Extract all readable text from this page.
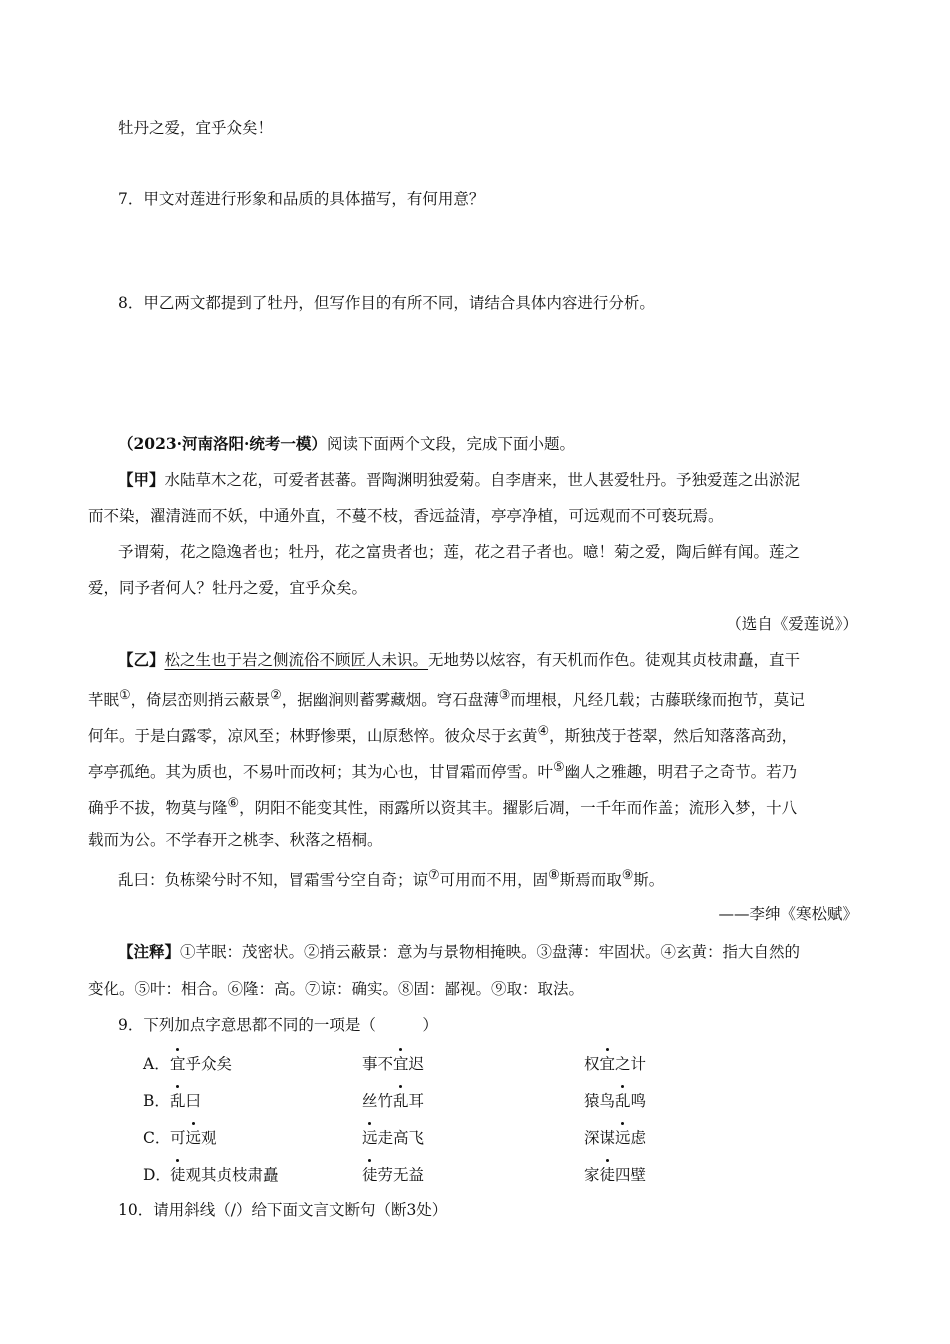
牡丹之爱，宜乎众矣！
7．甲文对莲进行形象和品质的具体描写，有何用意？
8．甲乙两文都提到了牡丹，但写作目的有所不同，请结合具体内容进行分析。
（2023·河南洛阳·统考一模）阅读下面两个文段，完成下面小题。
【甲】水陆草木之花，可爱者甚蕃。晋陶渊明独爱菊。自李唐来，世人甚爱牡丹。予独爱莲之出淤泥
而不染，濯清涟而不妖，中通外直，不蔓不枝，香远益清，亭亭净植，可远观而不可亵玩焉。
予谓菊，花之隐逸者也；牡丹，花之富贵者也；莲，花之君子者也。噫！菊之爱，陶后鲜有闻。莲之
爱，同予者何人？牡丹之爱，宜乎众矣。
（选自《爱莲说》）
【乙】松之生也于岩之侧流俗不顾匠人未识。无地势以炫容，有天机而作色。徒观其贞枝肃矗，直干
芊眠①，倚层峦则捎云蔽景②，据幽涧则蓄雾藏烟。穹石盘薄③而埋根，凡经几载；古藤联缘而抱节，莫记
何年。于是白露零，凉风至；林野惨栗，山原愁悴。彼众尽于玄黄④，斯独茂于苍翠，然后知落落高劲，
亭亭孤绝。其为质也，不易叶而改柯；其为心也，甘冒霜而停雪。叶⑤幽人之雅趣，明君子之奇节。若乃
确乎不拔，物莫与隆⑥，阴阳不能变其性，雨露所以资其丰。擢影后凋，一千年而作盖；流形入梦，十八
载而为公。不学春开之桃李、秋落之梧桐。
乱曰：负栋梁兮时不知，冒霜雪兮空自奇；谅⑦可用而不用，固⑧斯焉而取⑨斯。
——李绅《寒松赋》
【注释】①芊眠：茂密状。②捎云蔽景：意为与景物相掩映。③盘薄：牢固状。④玄黄：指大自然的
变化。⑤叶：相合。⑥隆：高。⑦谅：确实。⑧固：鄙视。⑨取：取法。
9．下列加点字意思都不同的一项是（　　　）
A． 宜乎众矣	事不宜迟	权宜之计
B． 乱曰	丝竹乱耳	猿鸟乱鸣
C． 可远观	远走高飞	深谋远虑
D． 徒观其贞枝肃矗	徒劳无益	家徒四壁
10．请用斜线（/）给下面文言文断句（断3处）
